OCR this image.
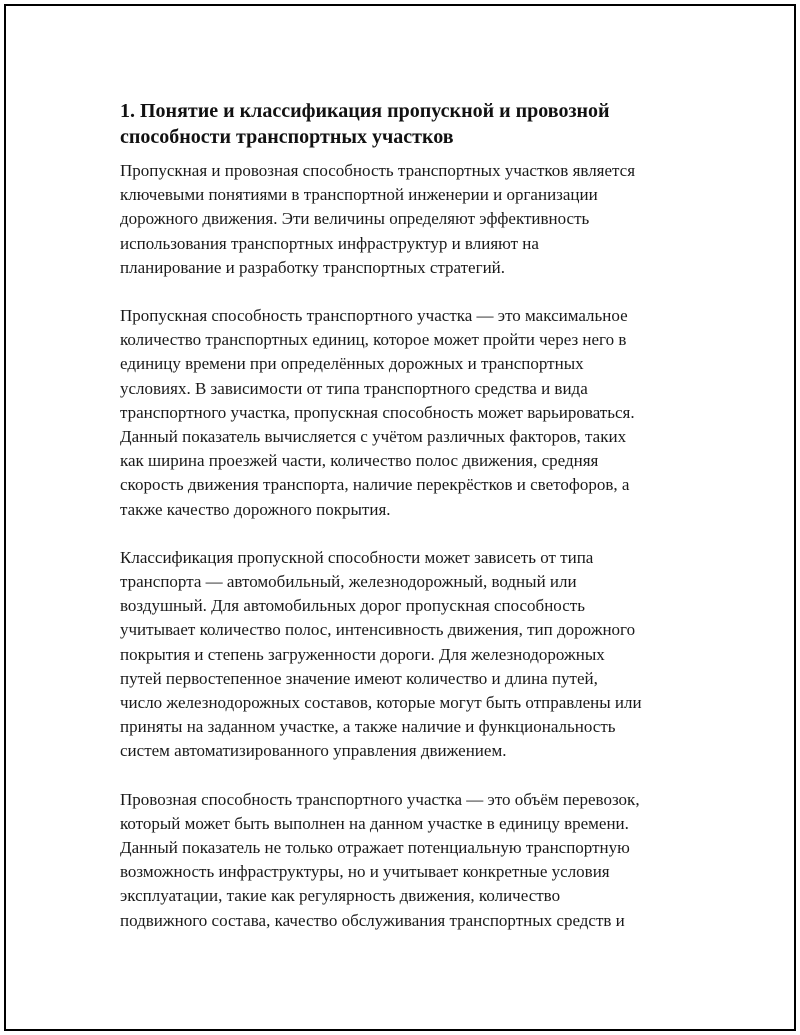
1. Понятие и классификация пропускной и провозной
способности транспортных участков

Пропускная и провозная способность транспортных участков является
ключевыми понятиями в транспортной инженерии и организации
дорожного движения. Эти величины определяют эффективность
использования транспортных инфраструктур и влияют на
планирование и разработку транспортных стратегий.

Пропускная способность транспортного участка — это максимальное
количество транспортных единиц, которое может пройти через него в
единицу времени при определённых дорожных и транспортных
условиях. В зависимости от типа транспортного средства и вида
транспортного участка, пропускная способность может варьироваться.
Данный показатель вычисляется с учётом различных факторов, таких
как ширина проезжей части, количество полос движения, средняя
скорость движения транспорта, наличие перекрёстков и светофоров, а
также качество дорожного покрытия.

Классификация пропускной способности может зависеть от типа
транспорта — автомобильный, железнодорожный, водный или
воздушный. Для автомобильных дорог пропускная способность
учитывает количество полос, интенсивность движения, тип дорожного
покрытия и степень загруженности дороги. Для железнодорожных
путей первостепенное значение имеют количество и длина путей,
число железнодорожных составов, которые могут быть отправлены или
приняты на заданном участке, а также наличие и функциональность
систем автоматизированного управления движением.

Провозная способность транспортного участка — это объём перевозок,
который может быть выполнен на данном участке в единицу времени.
Данный показатель не только отражает потенциальную транспортную
возможность инфраструктуры, но и учитывает конкретные условия
эксплуатации, такие как регулярность движения, количество
подвижного состава, качество обслуживания транспортных средств и
